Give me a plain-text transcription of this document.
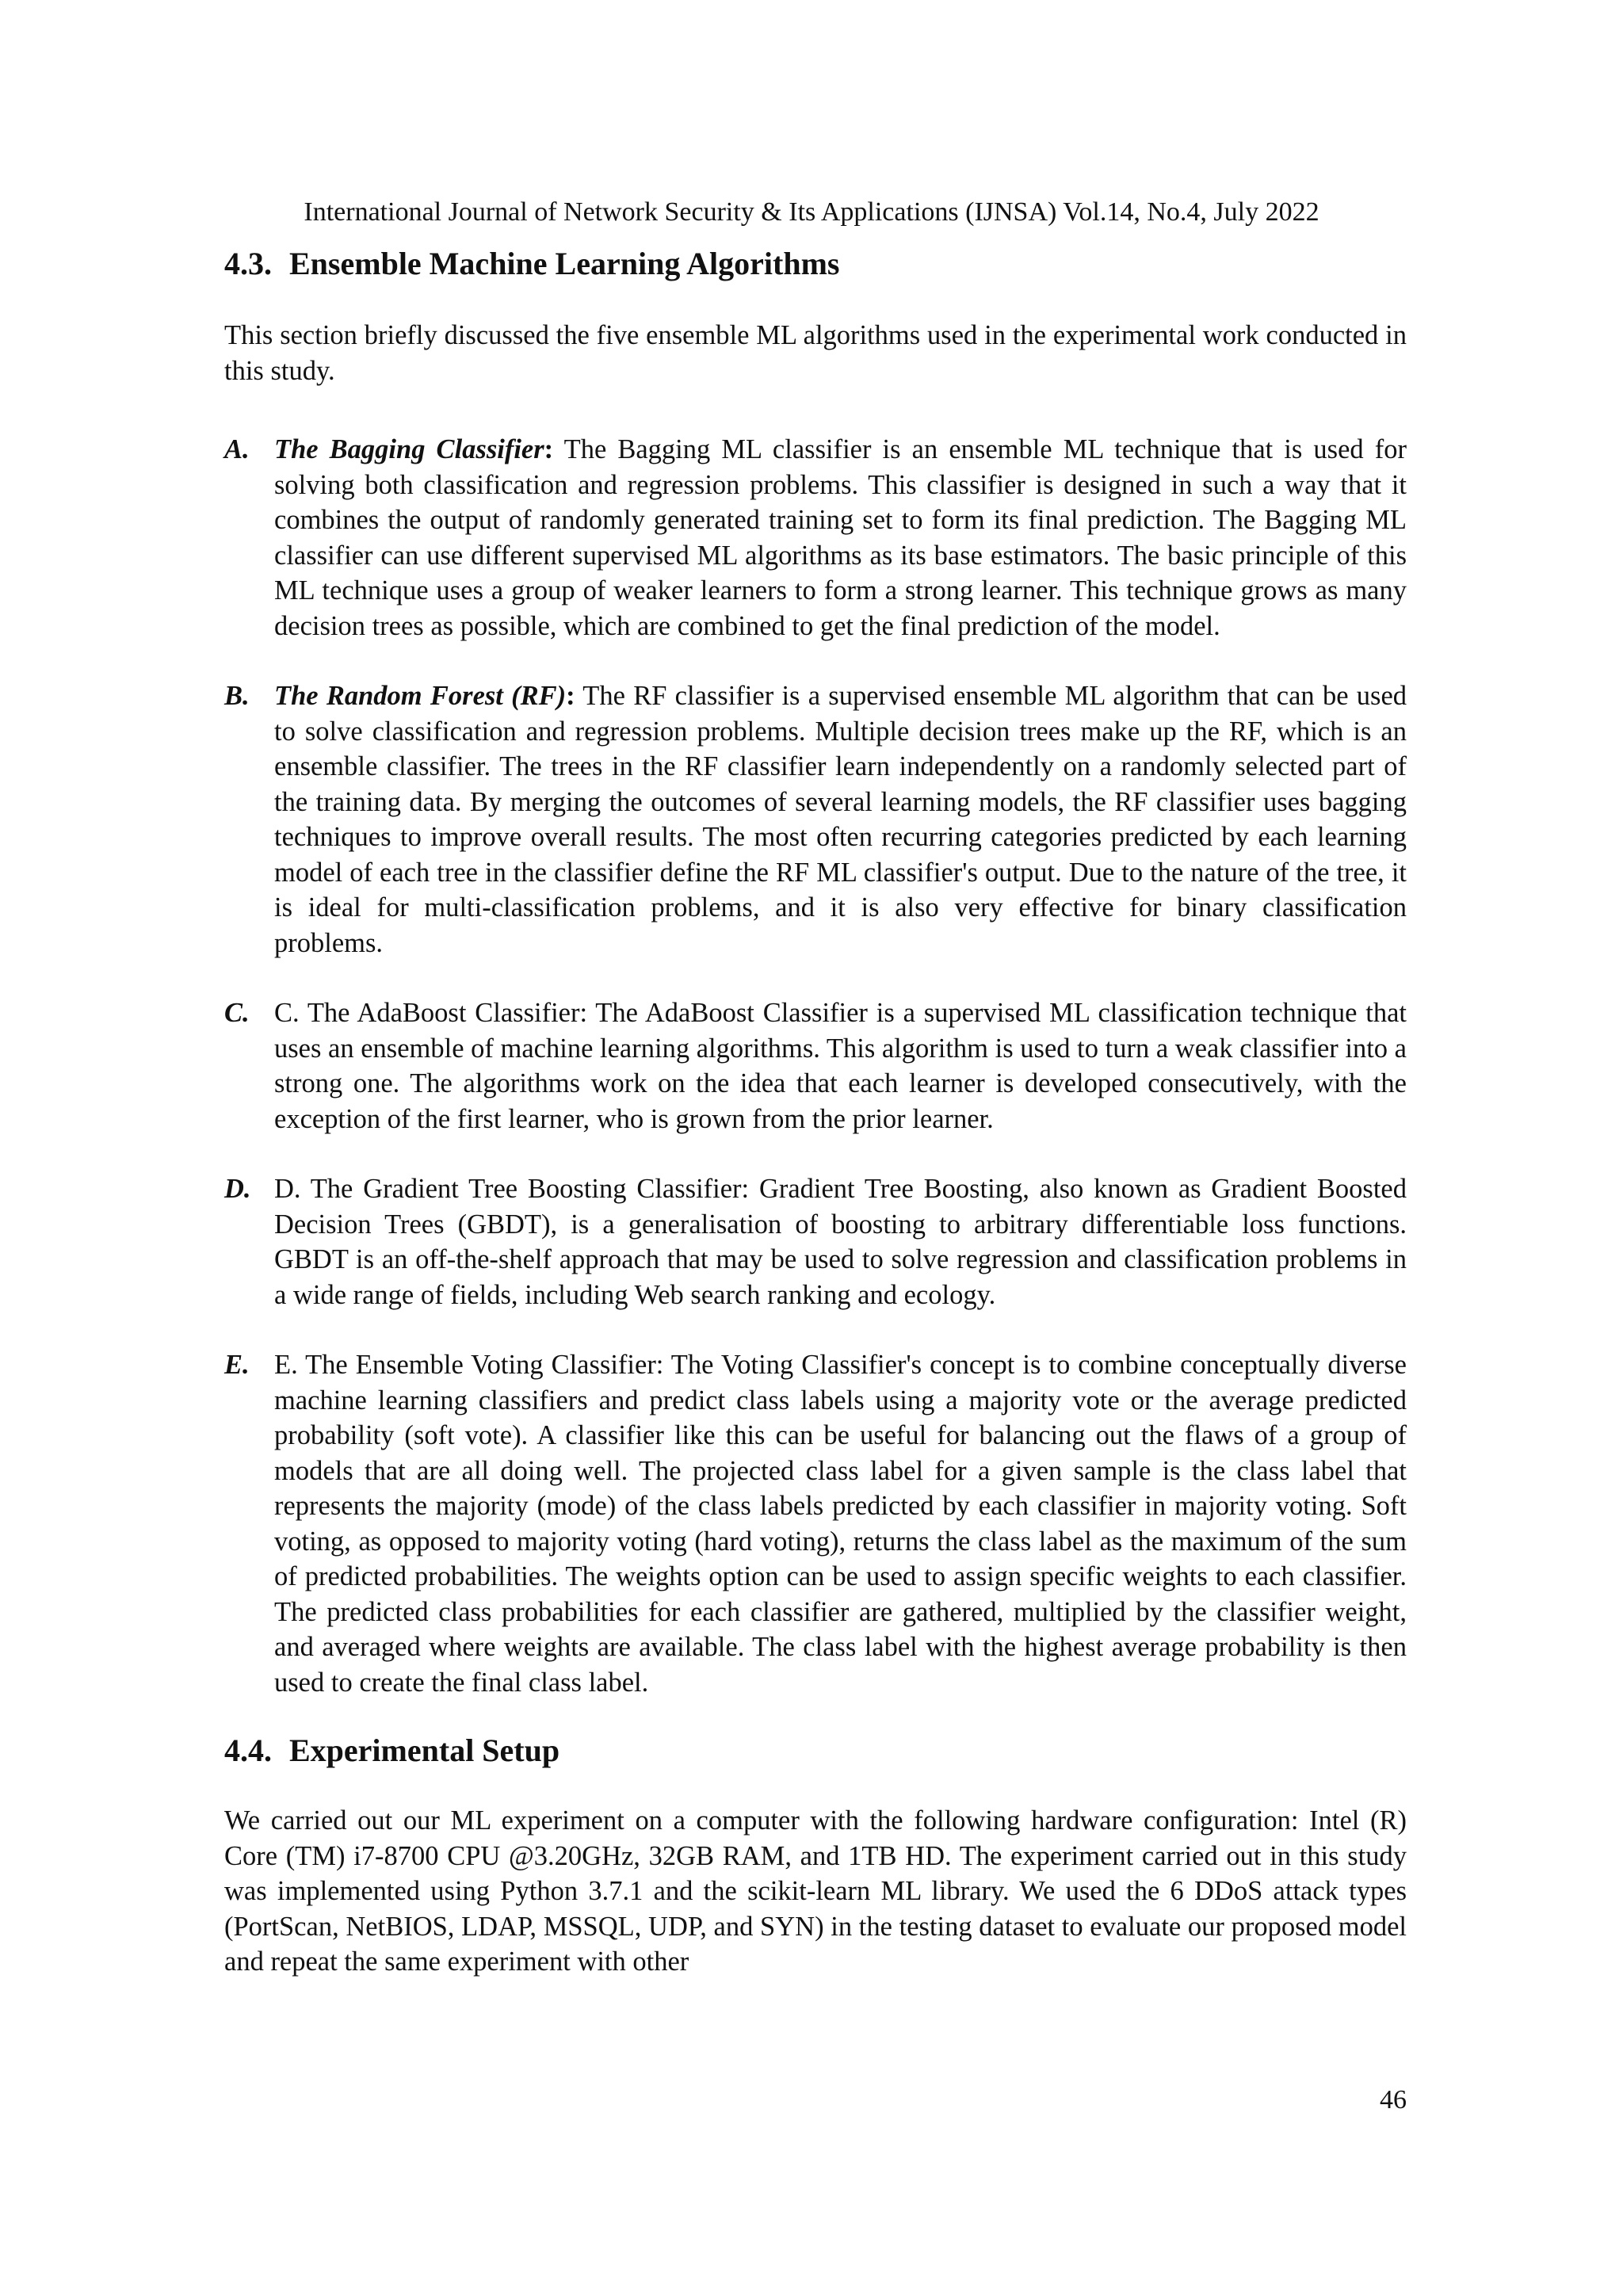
International Journal of Network Security & Its Applications (IJNSA) Vol.14, No.4, July 2022
4.3. Ensemble Machine Learning Algorithms

This section briefly discussed the five ensemble ML algorithms used in the experimental work conducted in this study.

A. The Bagging Classifier: The Bagging ML classifier is an ensemble ML technique that is used for solving both classification and regression problems. This classifier is designed in such a way that it combines the output of randomly generated training set to form its final prediction. The Bagging ML classifier can use different supervised ML algorithms as its base estimators. The basic principle of this ML technique uses a group of weaker learners to form a strong learner. This technique grows as many decision trees as possible, which are combined to get the final prediction of the model.

B. The Random Forest (RF): The RF classifier is a supervised ensemble ML algorithm that can be used to solve classification and regression problems. Multiple decision trees make up the RF, which is an ensemble classifier. The trees in the RF classifier learn independently on a randomly selected part of the training data. By merging the outcomes of several learning models, the RF classifier uses bagging techniques to improve overall results. The most often recurring categories predicted by each learning model of each tree in the classifier define the RF ML classifier's output. Due to the nature of the tree, it is ideal for multi-classification problems, and it is also very effective for binary classification problems.

C. C. The AdaBoost Classifier: The AdaBoost Classifier is a supervised ML classification technique that uses an ensemble of machine learning algorithms. This algorithm is used to turn a weak classifier into a strong one. The algorithms work on the idea that each learner is developed consecutively, with the exception of the first learner, who is grown from the prior learner.

D. D. The Gradient Tree Boosting Classifier: Gradient Tree Boosting, also known as Gradient Boosted Decision Trees (GBDT), is a generalisation of boosting to arbitrary differentiable loss functions. GBDT is an off-the-shelf approach that may be used to solve regression and classification problems in a wide range of fields, including Web search ranking and ecology.

E. E. The Ensemble Voting Classifier: The Voting Classifier's concept is to combine conceptually diverse machine learning classifiers and predict class labels using a majority vote or the average predicted probability (soft vote). A classifier like this can be useful for balancing out the flaws of a group of models that are all doing well. The projected class label for a given sample is the class label that represents the majority (mode) of the class labels predicted by each classifier in majority voting. Soft voting, as opposed to majority voting (hard voting), returns the class label as the maximum of the sum of predicted probabilities. The weights option can be used to assign specific weights to each classifier. The predicted class probabilities for each classifier are gathered, multiplied by the classifier weight, and averaged where weights are available. The class label with the highest average probability is then used to create the final class label.

4.4. Experimental Setup

We carried out our ML experiment on a computer with the following hardware configuration: Intel (R) Core (TM) i7-8700 CPU @3.20GHz, 32GB RAM, and 1TB HD. The experiment carried out in this study was implemented using Python 3.7.1 and the scikit-learn ML library. We used the 6 DDoS attack types (PortScan, NetBIOS, LDAP, MSSQL, UDP, and SYN) in the testing dataset to evaluate our proposed model and repeat the same experiment with other

46
